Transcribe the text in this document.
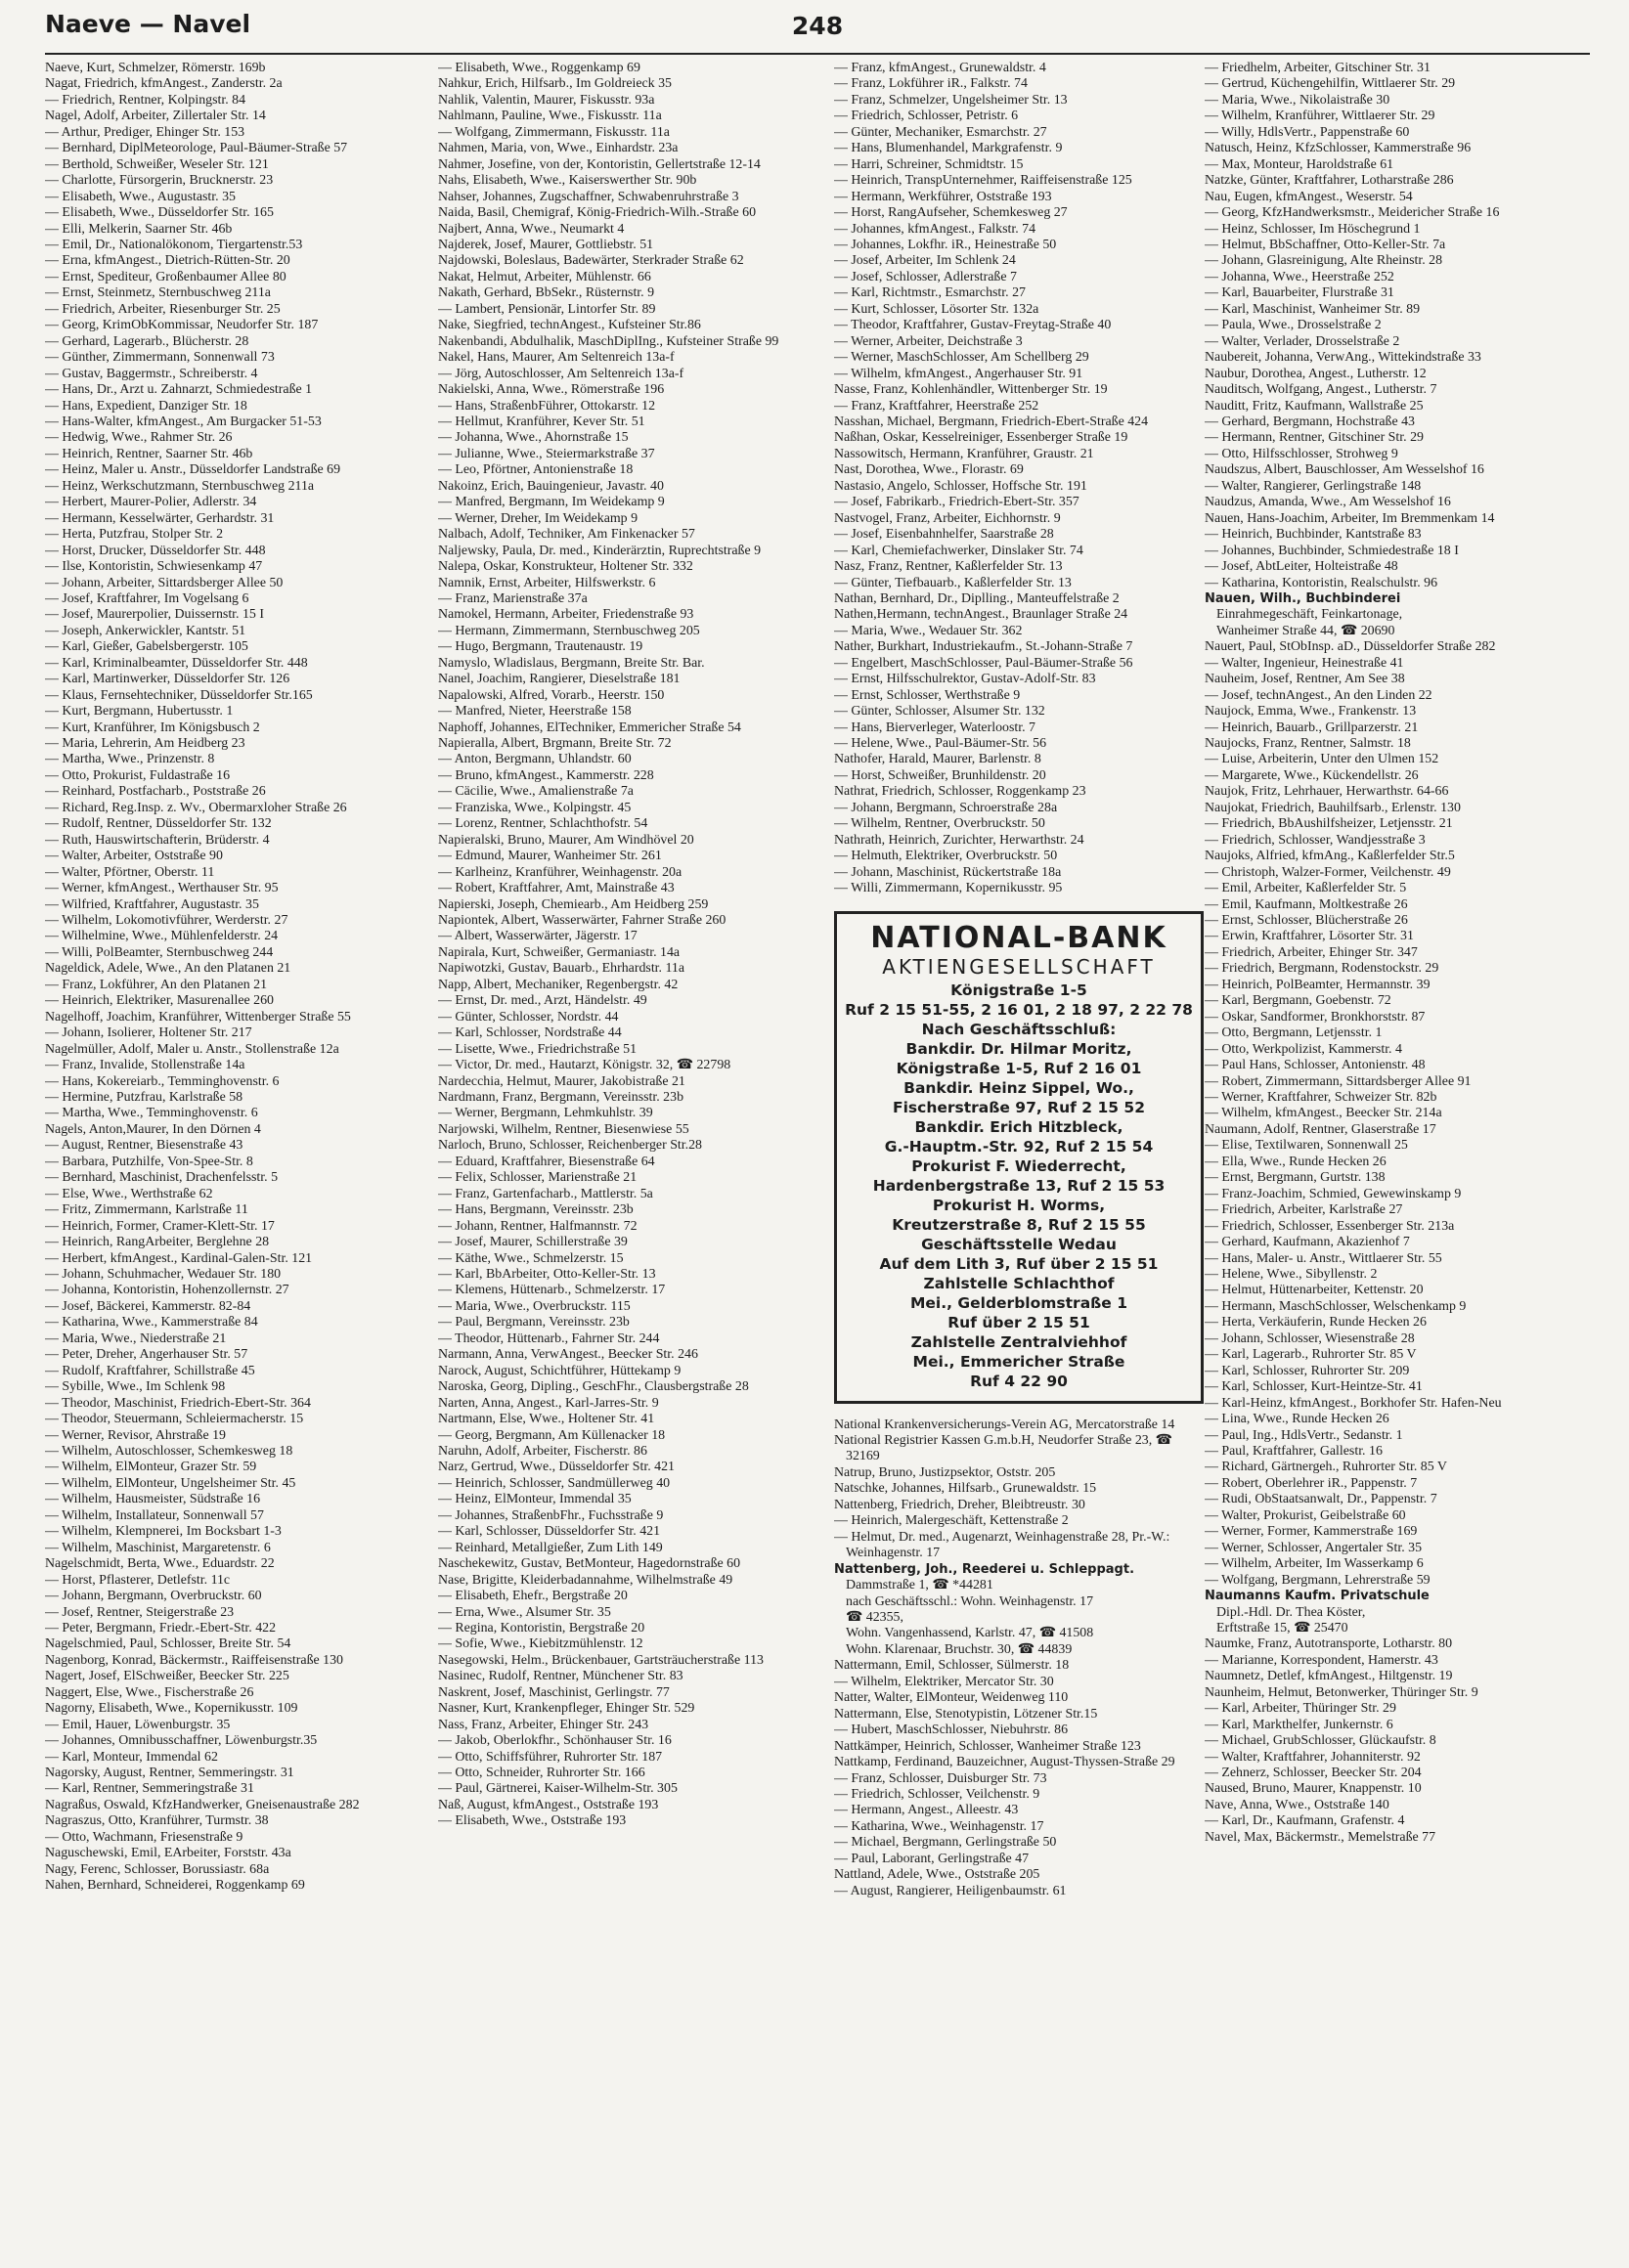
Naeve — Navel	248
Naeve, Kurt, Schmelzer, Römerstr. 169b
Nagat, Friedrich, kfmAngest., Zanderstr. 2a
— Friedrich, Rentner, Kolpingstr. 84
Nagel, Adolf, Arbeiter, Zillertaler Str. 14
— Arthur, Prediger, Ehinger Str. 153
— Bernhard, DiplMeteorologe, Paul-Bäumer-Straße 57
— Berthold, Schweißer, Weseler Str. 121
— Charlotte, Fürsorgerin, Brucknerstr. 23
— Elisabeth, Wwe., Augustastr. 35
— Elisabeth, Wwe., Düsseldorfer Str. 165
— Elli, Melkerin, Saarner Str. 46b
— Emil, Dr., Nationalökonom, Tiergartenstr.53
— Erna, kfmAngest., Dietrich-Rütten-Str. 20
— Ernst, Spediteur, Großenbaumer Allee 80
— Ernst, Steinmetz, Sternbuschweg 211a
— Friedrich, Arbeiter, Riesenburger Str. 25
— Georg, KrimObKommissar, Neudorfer Str. 187
— Gerhard, Lagerarb., Blücherstr. 28
— Günther, Zimmermann, Sonnenwall 73
— Gustav, Baggermstr., Schreiberstr. 4
— Hans, Dr., Arzt u. Zahnarzt, Schmiedestraße 1
— Hans, Expedient, Danziger Str. 18
— Hans-Walter, kfmAngest., Am Burgacker 51-53
— Hedwig, Wwe., Rahmer Str. 26
— Heinrich, Rentner, Saarner Str. 46b
— Heinz, Maler u. Anstr., Düsseldorfer Landstraße 69
— Heinz, Werkschutzmann, Sternbuschweg 211a
— Herbert, Maurer-Polier, Adlerstr. 34
— Hermann, Kesselwärter, Gerhardstr. 31
— Herta, Putzfrau, Stolper Str. 2
— Horst, Drucker, Düsseldorfer Str. 448
— Ilse, Kontoristin, Schwiesenkamp 47
— Johann, Arbeiter, Sittardsberger Allee 50
— Josef, Kraftfahrer, Im Vogelsang 6
— Josef, Maurerpolier, Duissernstr. 15 I
— Joseph, Ankerwickler, Kantstr. 51
— Karl, Gießer, Gabelsbergerstr. 105
— Karl, Kriminalbeamter, Düsseldorfer Str. 448
— Karl, Martinwerker, Düsseldorfer Str. 126
— Klaus, Fernsehtechniker, Düsseldorfer Str.165
— Kurt, Bergmann, Hubertusstr. 1
— Kurt, Kranführer, Im Königsbusch 2
— Maria, Lehrerin, Am Heidberg 23
— Martha, Wwe., Prinzenstr. 8
— Otto, Prokurist, Fuldastraße 16
— Reinhard, Postfacharb., Poststraße 26
— Richard, Reg.Insp. z. Wv., Obermarxloher Straße 26
— Rudolf, Rentner, Düsseldorfer Str. 132
— Ruth, Hauswirtschafterin, Brüderstr. 4
— Walter, Arbeiter, Oststraße 90
— Walter, Pförtner, Oberstr. 11
— Werner, kfmAngest., Werthauser Str. 95
— Wilfried, Kraftfahrer, Augustastr. 35
— Wilhelm, Lokomotivführer, Werderstr. 27
— Wilhelmine, Wwe., Mühlenfelderstr. 24
— Willi, PolBeamter, Sternbuschweg 244
Nageldick, Adele, Wwe., An den Platanen 21
— Franz, Lokführer, An den Platanen 21
— Heinrich, Elektriker, Masurenallee 260
Nagelhoff, Joachim, Kranführer, Wittenberger Straße 55
— Johann, Isolierer, Holtener Str. 217
Nagelmüller, Adolf, Maler u. Anstr., Stollenstraße 12a
— Franz, Invalide, Stollenstraße 14a
— Hans, Kokereiarb., Temminghovenstr. 6
— Hermine, Putzfrau, Karlstraße 58
— Martha, Wwe., Temminghovenstr. 6
Nagels, Anton,Maurer, In den Dörnen 4
— August, Rentner, Biesenstraße 43
— Barbara, Putzhilfe, Von-Spee-Str. 8
— Bernhard, Maschinist, Drachenfelsstr. 5
— Else, Wwe., Werthstraße 62
— Fritz, Zimmermann, Karlstraße 11
— Heinrich, Former, Cramer-Klett-Str. 17
— Heinrich, RangArbeiter, Berglehne 28
— Herbert, kfmAngest., Kardinal-Galen-Str. 121
— Johann, Schuhmacher, Wedauer Str. 180
— Johanna, Kontoristin, Hohenzollernstr. 27
— Josef, Bäckerei, Kammerstr. 82-84
— Katharina, Wwe., Kammerstraße 84
— Maria, Wwe., Niederstraße 21
— Peter, Dreher, Angerhauser Str. 57
— Rudolf, Kraftfahrer, Schillstraße 45
— Sybille, Wwe., Im Schlenk 98
— Theodor, Maschinist, Friedrich-Ebert-Str. 364
— Theodor, Steuermann, Schleiermacherstr. 15
— Werner, Revisor, Ahrstraße 19
— Wilhelm, Autoschlosser, Schemkesweg 18
— Wilhelm, ElMonteur, Grazer Str. 59
— Wilhelm, ElMonteur, Ungelsheimer Str. 45
— Wilhelm, Hausmeister, Südstraße 16
— Wilhelm, Installateur, Sonnenwall 57
— Wilhelm, Klempnerei, Im Bocksbart 1-3
— Wilhelm, Maschinist, Margaretenstr. 6
Nagelschmidt, Berta, Wwe., Eduardstr. 22
— Horst, Pflasterer, Detlefstr. 11c
— Johann, Bergmann, Overbruckstr. 60
— Josef, Rentner, Steigerstraße 23
— Peter, Bergmann, Friedr.-Ebert-Str. 422
Nagelschmied, Paul, Schlosser, Breite Str. 54
Nagenborg, Konrad, Bäckermstr., Raiffeisenstraße 130
Nagert, Josef, ElSchweißer, Beecker Str. 225
Naggert, Else, Wwe., Fischerstraße 26
Nagorny, Elisabeth, Wwe., Kopernikusstr. 109
— Emil, Hauer, Löwenburgstr. 35
— Johannes, Omnibusschaffner, Löwenburgstr.35
— Karl, Monteur, Immendal 62
Nagorsky, August, Rentner, Semmeringstr. 31
— Karl, Rentner, Semmeringstraße 31
Nagraßus, Oswald, KfzHandwerker, Gneisenaustraße 282
Nagraszus, Otto, Kranführer, Turmstr. 38
— Otto, Wachmann, Friesenstraße 9
Naguschewski, Emil, EArbeiter, Forststr. 43a
Nagy, Ferenc, Schlosser, Borussiastr. 68a
Nahen, Bernhard, Schneiderei, Roggenkamp 69
— Elisabeth, Wwe., Roggenkamp 69
Nahkur, Erich, Hilfsarb., Im Goldreieck 35
Nahlik, Valentin, Maurer, Fiskusstr. 93a
Nahlmann, Pauline, Wwe., Fiskusstr. 11a
— Wolfgang, Zimmermann, Fiskusstr. 11a
Nahmen, Maria, von, Wwe., Einhardstr. 23a
Nahmer, Josefine, von der, Kontoristin, Gellertstraße 12-14
Nahs, Elisabeth, Wwe., Kaiserswerther Str. 90b
Nahser, Johannes, Zugschaffner, Schwabenruhrstraße 3
Naida, Basil, Chemigraf, König-Friedrich-Wilh.-Straße 60
Najbert, Anna, Wwe., Neumarkt 4
Najderek, Josef, Maurer, Gottliebstr. 51
Najdowski, Boleslaus, Badewärter, Sterkrader Straße 62
Nakat, Helmut, Arbeiter, Mühlenstr. 66
Nakath, Gerhard, BbSekr., Rüsternstr. 9
— Lambert, Pensionär, Lintorfer Str. 89
Nake, Siegfried, technAngest., Kufsteiner Str.86
Nakenbandi, Abdulhalik, MaschDiplIng., Kufsteiner Straße 99
Nakel, Hans, Maurer, Am Seltenreich 13a-f
— Jörg, Autoschlosser, Am Seltenreich 13a-f
Nakielski, Anna, Wwe., Römerstraße 196
— Hans, StraßenbFührer, Ottokarstr. 12
— Hellmut, Kranführer, Kever Str. 51
— Johanna, Wwe., Ahornstraße 15
— Julianne, Wwe., Steiermarkstraße 37
— Leo, Pförtner, Antonienstraße 18
Nakoinz, Erich, Bauingenieur, Javastr. 40
— Manfred, Bergmann, Im Weidekamp 9
— Werner, Dreher, Im Weidekamp 9
Nalbach, Adolf, Techniker, Am Finkenacker 57
Naljewsky, Paula, Dr. med., Kinderärztin, Ruprechtstraße 9
Nalepa, Oskar, Konstrukteur, Holtener Str. 332
Namnik, Ernst, Arbeiter, Hilfswerkstr. 6
— Franz, Marienstraße 37a
Namokel, Hermann, Arbeiter, Friedenstraße 93
— Hermann, Zimmermann, Sternbuschweg 205
— Hugo, Bergmann, Trautenaustr. 19
Namyslo, Wladislaus, Bergmann, Breite Str. Bar.
Nanel, Joachim, Rangierer, Dieselstraße 181
Napalowski, Alfred, Vorarb., Heerstr. 150
— Manfred, Nieter, Heerstraße 158
Naphoff, Johannes, ElTechniker, Emmericher Straße 54
Napieralla, Albert, Brgmann, Breite Str. 72
— Anton, Bergmann, Uhlandstr. 60
— Bruno, kfmAngest., Kammerstr. 228
— Cäcilie, Wwe., Amalienstraße 7a
— Franziska, Wwe., Kolpingstr. 45
— Lorenz, Rentner, Schlachthofstr. 54
Napieralski, Bruno, Maurer, Am Windhövel 20
— Edmund, Maurer, Wanheimer Str. 261
— Karlheinz, Kranführer, Weinhagenstr. 20a
— Robert, Kraftfahrer, Amt, Mainstraße 43
Napierski, Joseph, Chemiearb., Am Heidberg 259
Napiontek, Albert, Wasserwärter, Fahrner Straße 260
— Albert, Wasserwärter, Jägerstr. 17
Napirala, Kurt, Schweißer, Germaniastr. 14a
Napiwotzki, Gustav, Bauarb., Ehrhardstr. 11a
Napp, Albert, Mechaniker, Regenbergstr. 42
— Ernst, Dr. med., Arzt, Händelstr. 49
— Günter, Schlosser, Nordstr. 44
— Karl, Schlosser, Nordstraße 44
— Lisette, Wwe., Friedrichstraße 51
— Victor, Dr. med., Hautarzt, Königstr. 32, ☎ 22798
Nardecchia, Helmut, Maurer, Jakobistraße 21
Nardmann, Franz, Bergmann, Vereinsstr. 23b
— Werner, Bergmann, Lehmkuhlstr. 39
Narjowski, Wilhelm, Rentner, Biesenwiese 55
Narloch, Bruno, Schlosser, Reichenberger Str.28
— Eduard, Kraftfahrer, Biesenstraße 64
— Felix, Schlosser, Marienstraße 21
— Franz, Gartenfacharb., Mattlerstr. 5a
— Hans, Bergmann, Vereinsstr. 23b
— Johann, Rentner, Halfmannstr. 72
— Josef, Maurer, Schillerstraße 39
— Käthe, Wwe., Schmelzerstr. 15
— Karl, BbArbeiter, Otto-Keller-Str. 13
— Klemens, Hüttenarb., Schmelzerstr. 17
— Maria, Wwe., Overbruckstr. 115
— Paul, Bergmann, Vereinsstr. 23b
— Theodor, Hüttenarb., Fahrner Str. 244
Narmann, Anna, VerwAngest., Beecker Str. 246
Narock, August, Schichtführer, Hüttekamp 9
Naroska, Georg, Dipling., GeschFhr., Clausbergstraße 28
Narten, Anna, Angest., Karl-Jarres-Str. 9
Nartmann, Else, Wwe., Holtener Str. 41
— Georg, Bergmann, Am Küllenacker 18
Naruhn, Adolf, Arbeiter, Fischerstr. 86
Narz, Gertrud, Wwe., Düsseldorfer Str. 421
— Heinrich, Schlosser, Sandmüllerweg 40
— Heinz, ElMonteur, Immendal 35
— Johannes, StraßenbFhr., Fuchsstraße 9
— Karl, Schlosser, Düsseldorfer Str. 421
— Reinhard, Metallgießer, Zum Lith 149
Naschekewitz, Gustav, BetMonteur, Hagedornstraße 60
Nase, Brigitte, Kleiderbadannahme, Wilhelmstraße 49
— Elisabeth, Ehefr., Bergstraße 20
— Erna, Wwe., Alsumer Str. 35
— Regina, Kontoristin, Bergstraße 20
— Sofie, Wwe., Kiebitzmühlenstr. 12
Nasegowski, Helm., Brückenbauer, Gartsträucherstraße 113
Nasinec, Rudolf, Rentner, Münchener Str. 83
Naskrent, Josef, Maschinist, Gerlingstr. 77
Nasner, Kurt, Krankenpfleger, Ehinger Str. 529
Nass, Franz, Arbeiter, Ehinger Str. 243
— Jakob, Oberlokfhr., Schönhauser Str. 16
— Otto, Schiffsführer, Ruhrorter Str. 187
— Otto, Schneider, Ruhrorter Str. 166
— Paul, Gärtnerei, Kaiser-Wilhelm-Str. 305
Naß, August, kfmAngest., Oststraße 193
— Elisabeth, Wwe., Oststraße 193
— Franz, kfmAngest., Grunewaldstr. 4
— Franz, Lokführer iR., Falkstr. 74
— Franz, Schmelzer, Ungelsheimer Str. 13
— Friedrich, Schlosser, Petristr. 6
— Günter, Mechaniker, Esmarchstr. 27
— Hans, Blumenhandel, Markgrafenstr. 9
— Harri, Schreiner, Schmidtstr. 15
— Heinrich, TranspUnternehmer, Raiffeisenstraße 125
— Hermann, Werkführer, Oststraße 193
— Horst, RangAufseher, Schemkesweg 27
— Johannes, kfmAngest., Falkstr. 74
— Johannes, Lokfhr. iR., Heinestraße 50
— Josef, Arbeiter, Im Schlenk 24
— Josef, Schlosser, Adlerstraße 7
— Karl, Richtmstr., Esmarchstr. 27
— Kurt, Schlosser, Lösorter Str. 132a
— Theodor, Kraftfahrer, Gustav-Freytag-Straße 40
— Werner, Arbeiter, Deichstraße 3
— Werner, MaschSchlosser, Am Schellberg 29
— Wilhelm, kfmAngest., Angerhauser Str. 91
Nasse, Franz, Kohlenhändler, Wittenberger Str. 19
— Franz, Kraftfahrer, Heerstraße 252
Nasshan, Michael, Bergmann, Friedrich-Ebert-Straße 424
Naßhan, Oskar, Kesselreiniger, Essenberger Straße 19
Nassowitsch, Hermann, Kranführer, Graustr. 21
Nast, Dorothea, Wwe., Florastr. 69
Nastasio, Angelo, Schlosser, Hoffsche Str. 191
— Josef, Fabrikarb., Friedrich-Ebert-Str. 357
Nastvogel, Franz, Arbeiter, Eichhornstr. 9
— Josef, Eisenbahnhelfer, Saarstraße 28
— Karl, Chemiefachwerker, Dinslaker Str. 74
Nasz, Franz, Rentner, Kaßlerfelder Str. 13
— Günter, Tiefbauarb., Kaßlerfelder Str. 13
Nathan, Bernhard, Dr., Diplling., Manteuffelstraße 2
Nathen,Hermann, technAngest., Braunlager Straße 24
— Maria, Wwe., Wedauer Str. 362
Nather, Burkhart, Industriekaufm., St.-Johann-Straße 7
— Engelbert, MaschSchlosser, Paul-Bäumer-Straße 56
— Ernst, Hilfsschulrektor, Gustav-Adolf-Str. 83
— Ernst, Schlosser, Werthstraße 9
— Günter, Schlosser, Alsumer Str. 132
— Hans, Bierverleger, Waterloostr. 7
— Helene, Wwe., Paul-Bäumer-Str. 56
Nathofer, Harald, Maurer, Barlenstr. 8
— Horst, Schweißer, Brunhildenstr. 20
Nathrat, Friedrich, Schlosser, Roggenkamp 23
— Johann, Bergmann, Schroerstraße 28a
— Wilhelm, Rentner, Overbruckstr. 50
Nathrath, Heinrich, Zurichter, Herwarthstr. 24
— Helmuth, Elektriker, Overbruckstr. 50
— Johann, Maschinist, Rückertstraße 18a
— Willi, Zimmermann, Kopernikusstr. 95
NATIONAL-BANK
AKTIENGESELLSCHAFT
Königstraße 1-5
Ruf 2 15 51-55, 2 16 01, 2 18 97, 2 22 78
Nach Geschäftsschluß:
Bankdir. Dr. Hilmar Moritz,
Königstraße 1-5, Ruf 2 16 01
Bankdir. Heinz Sippel, Wo.,
Fischerstraße 97, Ruf 2 15 52
Bankdir. Erich Hitzbleck,
G.-Hauptm.-Str. 92, Ruf 2 15 54
Prokurist F. Wiederrecht,
Hardenbergstraße 13, Ruf 2 15 53
Prokurist H. Worms,
Kreutzerstraße 8, Ruf 2 15 55
Geschäftsstelle Wedau
Auf dem Lith 3, Ruf über 2 15 51
Zahlstelle Schlachthof
Mei., Gelderblomstraße 1
Ruf über 2 15 51
Zahlstelle Zentralviehhof
Mei., Emmericher Straße
Ruf 4 22 90
National Krankenversicherungs-Verein AG, Mercatorstraße 14
National Registrier Kassen G.m.b.H, Neudorfer Straße 23, ☎ 32169
Natrup, Bruno, Justizpsektor, Oststr. 205
Natschke, Johannes, Hilfsarb., Grunewaldstr. 15
Nattenberg, Friedrich, Dreher, Bleibtreustr. 30
— Heinrich, Malergeschäft, Kettenstraße 2
— Helmut, Dr. med., Augenarzt, Weinhagenstraße 28, Pr.-W.: Weinhagenstr. 17
Nattenberg, Joh., Reederei u. Schleppagt.
Dammstraße 1, ☎ *44281
nach Geschäftsschl.: Wohn. Weinhagenstr. 17
☎ 42355,
Wohn. Vangenhassend, Karlstr. 47, ☎ 41508
Wohn. Klarenaar, Bruchstr. 30, ☎ 44839
Nattermann, Emil, Schlosser, Sülmerstr. 18
— Wilhelm, Elektriker, Mercator Str. 30
Natter, Walter, ElMonteur, Weidenweg 110
Nattermann, Else, Stenotypistin, Lötzener Str.15
— Hubert, MaschSchlosser, Niebuhrstr. 86
Nattkämper, Heinrich, Schlosser, Wanheimer Straße 123
Nattkamp, Ferdinand, Bauzeichner, August-Thyssen-Straße 29
— Franz, Schlosser, Duisburger Str. 73
— Friedrich, Schlosser, Veilchenstr. 9
— Hermann, Angest., Alleestr. 43
— Katharina, Wwe., Weinhagenstr. 17
— Michael, Bergmann, Gerlingstraße 50
— Paul, Laborant, Gerlingstraße 47
Nattland, Adele, Wwe., Oststraße 205
— August, Rangierer, Heiligenbaumstr. 61
— Friedhelm, Arbeiter, Gitschiner Str. 31
— Gertrud, Küchengehilfin, Wittlaerer Str. 29
— Maria, Wwe., Nikolaistraße 30
— Wilhelm, Kranführer, Wittlaerer Str. 29
— Willy, HdlsVertr., Pappenstraße 60
Natusch, Heinz, KfzSchlosser, Kammerstraße 96
— Max, Monteur, Haroldstraße 61
Natzke, Günter, Kraftfahrer, Lotharstraße 286
Nau, Eugen, kfmAngest., Weserstr. 54
— Georg, KfzHandwerksmstr., Meidericher Straße 16
— Heinz, Schlosser, Im Höschegrund 1
— Helmut, BbSchaffner, Otto-Keller-Str. 7a
— Johann, Glasreinigung, Alte Rheinstr. 28
— Johanna, Wwe., Heerstraße 252
— Karl, Bauarbeiter, Flurstraße 31
— Karl, Maschinist, Wanheimer Str. 89
— Paula, Wwe., Drosselstraße 2
— Walter, Verlader, Drosselstraße 2
Naubereit, Johanna, VerwAng., Wittekindstraße 33
Naubur, Dorothea, Angest., Lutherstr. 12
Nauditsch, Wolfgang, Angest., Lutherstr. 7
Nauditt, Fritz, Kaufmann, Wallstraße 25
— Gerhard, Bergmann, Hochstraße 43
— Hermann, Rentner, Gitschiner Str. 29
— Otto, Hilfsschlosser, Strohweg 9
Naudszus, Albert, Bauschlosser, Am Wesselshof 16
— Walter, Rangierer, Gerlingstraße 148
Naudzus, Amanda, Wwe., Am Wesselshof 16
Nauen, Hans-Joachim, Arbeiter, Im Bremmenkam 14
— Heinrich, Buchbinder, Kantstraße 83
— Johannes, Buchbinder, Schmiedestraße 18 I
— Josef, AbtLeiter, Holteistraße 48
— Katharina, Kontoristin, Realschulstr. 96
Nauen, Wilh., Buchbinderei
Einrahmegeschäft, Feinkartonage,
Wanheimer Straße 44, ☎ 20690
Nauert, Paul, StObInsp. aD., Düsseldorfer Straße 282
— Walter, Ingenieur, Heinestraße 41
Nauheim, Josef, Rentner, Am See 38
— Josef, technAngest., An den Linden 22
Naujock, Emma, Wwe., Frankenstr. 13
— Heinrich, Bauarb., Grillparzerstr. 21
Naujocks, Franz, Rentner, Salmstr. 18
— Luise, Arbeiterin, Unter den Ulmen 152
— Margarete, Wwe., Kückendellstr. 26
Naujok, Fritz, Lehrhauer, Herwarthstr. 64-66
Naujokat, Friedrich, Bauhilfsarb., Erlenstr. 130
— Friedrich, BbAushilfsheizer, Letjensstr. 21
— Friedrich, Schlosser, Wandjesstraße 3
Naujoks, Alfried, kfmAng., Kaßlerfelder Str.5
— Christoph, Walzer-Former, Veilchenstr. 49
— Emil, Arbeiter, Kaßlerfelder Str. 5
— Emil, Kaufmann, Moltkestraße 26
— Ernst, Schlosser, Blücherstraße 26
— Erwin, Kraftfahrer, Lösorter Str. 31
— Friedrich, Arbeiter, Ehinger Str. 347
— Friedrich, Bergmann, Rodenstockstr. 29
— Heinrich, PolBeamter, Hermannstr. 39
— Karl, Bergmann, Goebenstr. 72
— Oskar, Sandformer, Bronkhorststr. 87
— Otto, Bergmann, Letjensstr. 1
— Otto, Werkpolizist, Kammerstr. 4
— Paul Hans, Schlosser, Antonienstr. 48
— Robert, Zimmermann, Sittardsberger Allee 91
— Werner, Kraftfahrer, Schweizer Str. 82b
— Wilhelm, kfmAngest., Beecker Str. 214a
Naumann, Adolf, Rentner, Glaserstraße 17
— Elise, Textilwaren, Sonnenwall 25
— Ella, Wwe., Runde Hecken 26
— Ernst, Bergmann, Gurtstr. 138
— Franz-Joachim, Schmied, Gewewinskamp 9
— Friedrich, Arbeiter, Karlstraße 27
— Friedrich, Schlosser, Essenberger Str. 213a
— Gerhard, Kaufmann, Akazienhof 7
— Hans, Maler- u. Anstr., Wittlaerer Str. 55
— Helene, Wwe., Sibyllenstr. 2
— Helmut, Hüttenarbeiter, Kettenstr. 20
— Hermann, MaschSchlosser, Welschenkamp 9
— Herta, Verkäuferin, Runde Hecken 26
— Johann, Schlosser, Wiesenstraße 28
— Karl, Lagerarb., Ruhrorter Str. 85 V
— Karl, Schlosser, Ruhrorter Str. 209
— Karl, Schlosser, Kurt-Heintze-Str. 41
— Karl-Heinz, kfmAngest., Borkhofer Str. Hafen-Neu
— Lina, Wwe., Runde Hecken 26
— Paul, Ing., HdlsVertr., Sedanstr. 1
— Paul, Kraftfahrer, Gallestr. 16
— Richard, Gärtnergeh., Ruhrorter Str. 85 V
— Robert, Oberlehrer iR., Pappenstr. 7
— Rudi, ObStaatsanwalt, Dr., Pappenstr. 7
— Walter, Prokurist, Geibelstraße 60
— Werner, Former, Kammerstraße 169
— Werner, Schlosser, Angertaler Str. 35
— Wilhelm, Arbeiter, Im Wasserkamp 6
— Wolfgang, Bergmann, Lehrerstraße 59
Naumanns Kaufm. Privatschule
Dipl.-Hdl. Dr. Thea Köster,
Erftstraße 15, ☎ 25470
Naumke, Franz, Autotransporte, Lotharstr. 80
— Marianne, Korrespondent, Hamerstr. 43
Naumnetz, Detlef, kfmAngest., Hiltgenstr. 19
Naunheim, Helmut, Betonwerker, Thüringer Str. 9
— Karl, Arbeiter, Thüringer Str. 29
— Karl, Markthelfer, Junkernstr. 6
— Michael, GrubSchlosser, Glückaufstr. 8
— Walter, Kraftfahrer, Johanniterstr. 92
— Zehnerz, Schlosser, Beecker Str. 204
Naused, Bruno, Maurer, Knappenstr. 10
Nave, Anna, Wwe., Oststraße 140
— Karl, Dr., Kaufmann, Grafenstr. 4
Navel, Max, Bäckermstr., Memelstraße 77
